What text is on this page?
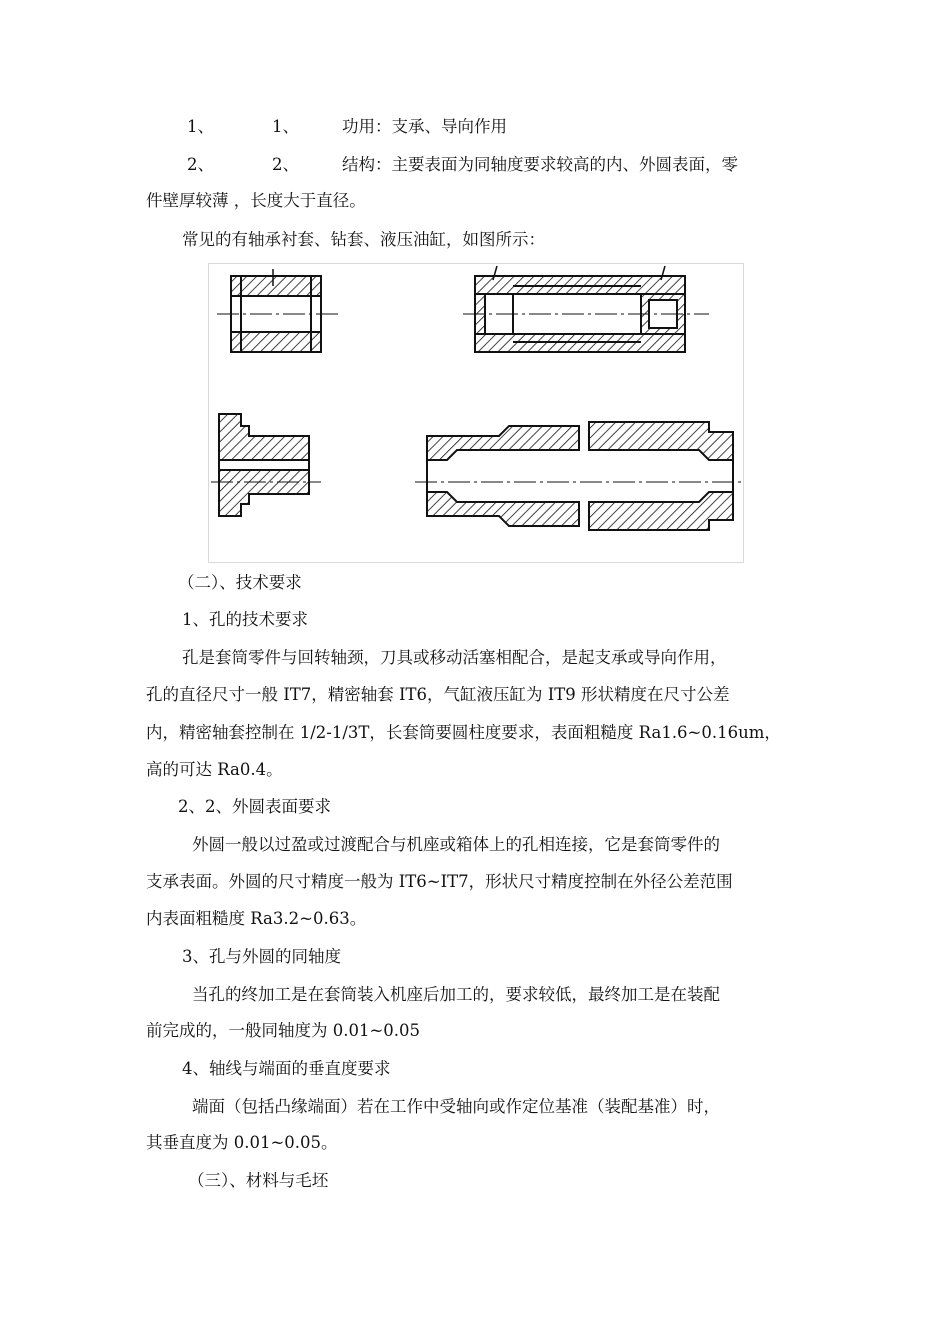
1、	1、	功用：支承、导向作用
2、	2、	结构：主要表面为同轴度要求较高的内、外圆表面，零
件壁厚较薄 ，长度大于直径。
常见的有轴承衬套、钻套、液压油缸，如图所示：
（二）、技术要求
1、孔的技术要求
孔是套筒零件与回转轴颈，刀具或移动活塞相配合，是起支承或导向作用，
孔的直径尺寸一般 IT7，精密轴套 IT6，气缸液压缸为 IT9 形状精度在尺寸公差
内，精密轴套控制在 1/2-1/3T，长套筒要圆柱度要求，表面粗糙度 Ra1.6~0.16um，
高的可达 Ra0.4。
2、2、外圆表面要求
外圆一般以过盈或过渡配合与机座或箱体上的孔相连接，它是套筒零件的
支承表面。外圆的尺寸精度一般为 IT6~IT7，形状尺寸精度控制在外径公差范围
内表面粗糙度 Ra3.2~0.63。
3、孔与外圆的同轴度
当孔的终加工是在套筒装入机座后加工的，要求较低，最终加工是在装配
前完成的，一般同轴度为 0.01~0.05
4、轴线与端面的垂直度要求
端面（包括凸缘端面）若在工作中受轴向或作定位基准（装配基准）时，
其垂直度为 0.01~0.05。
（三）、材料与毛坯
